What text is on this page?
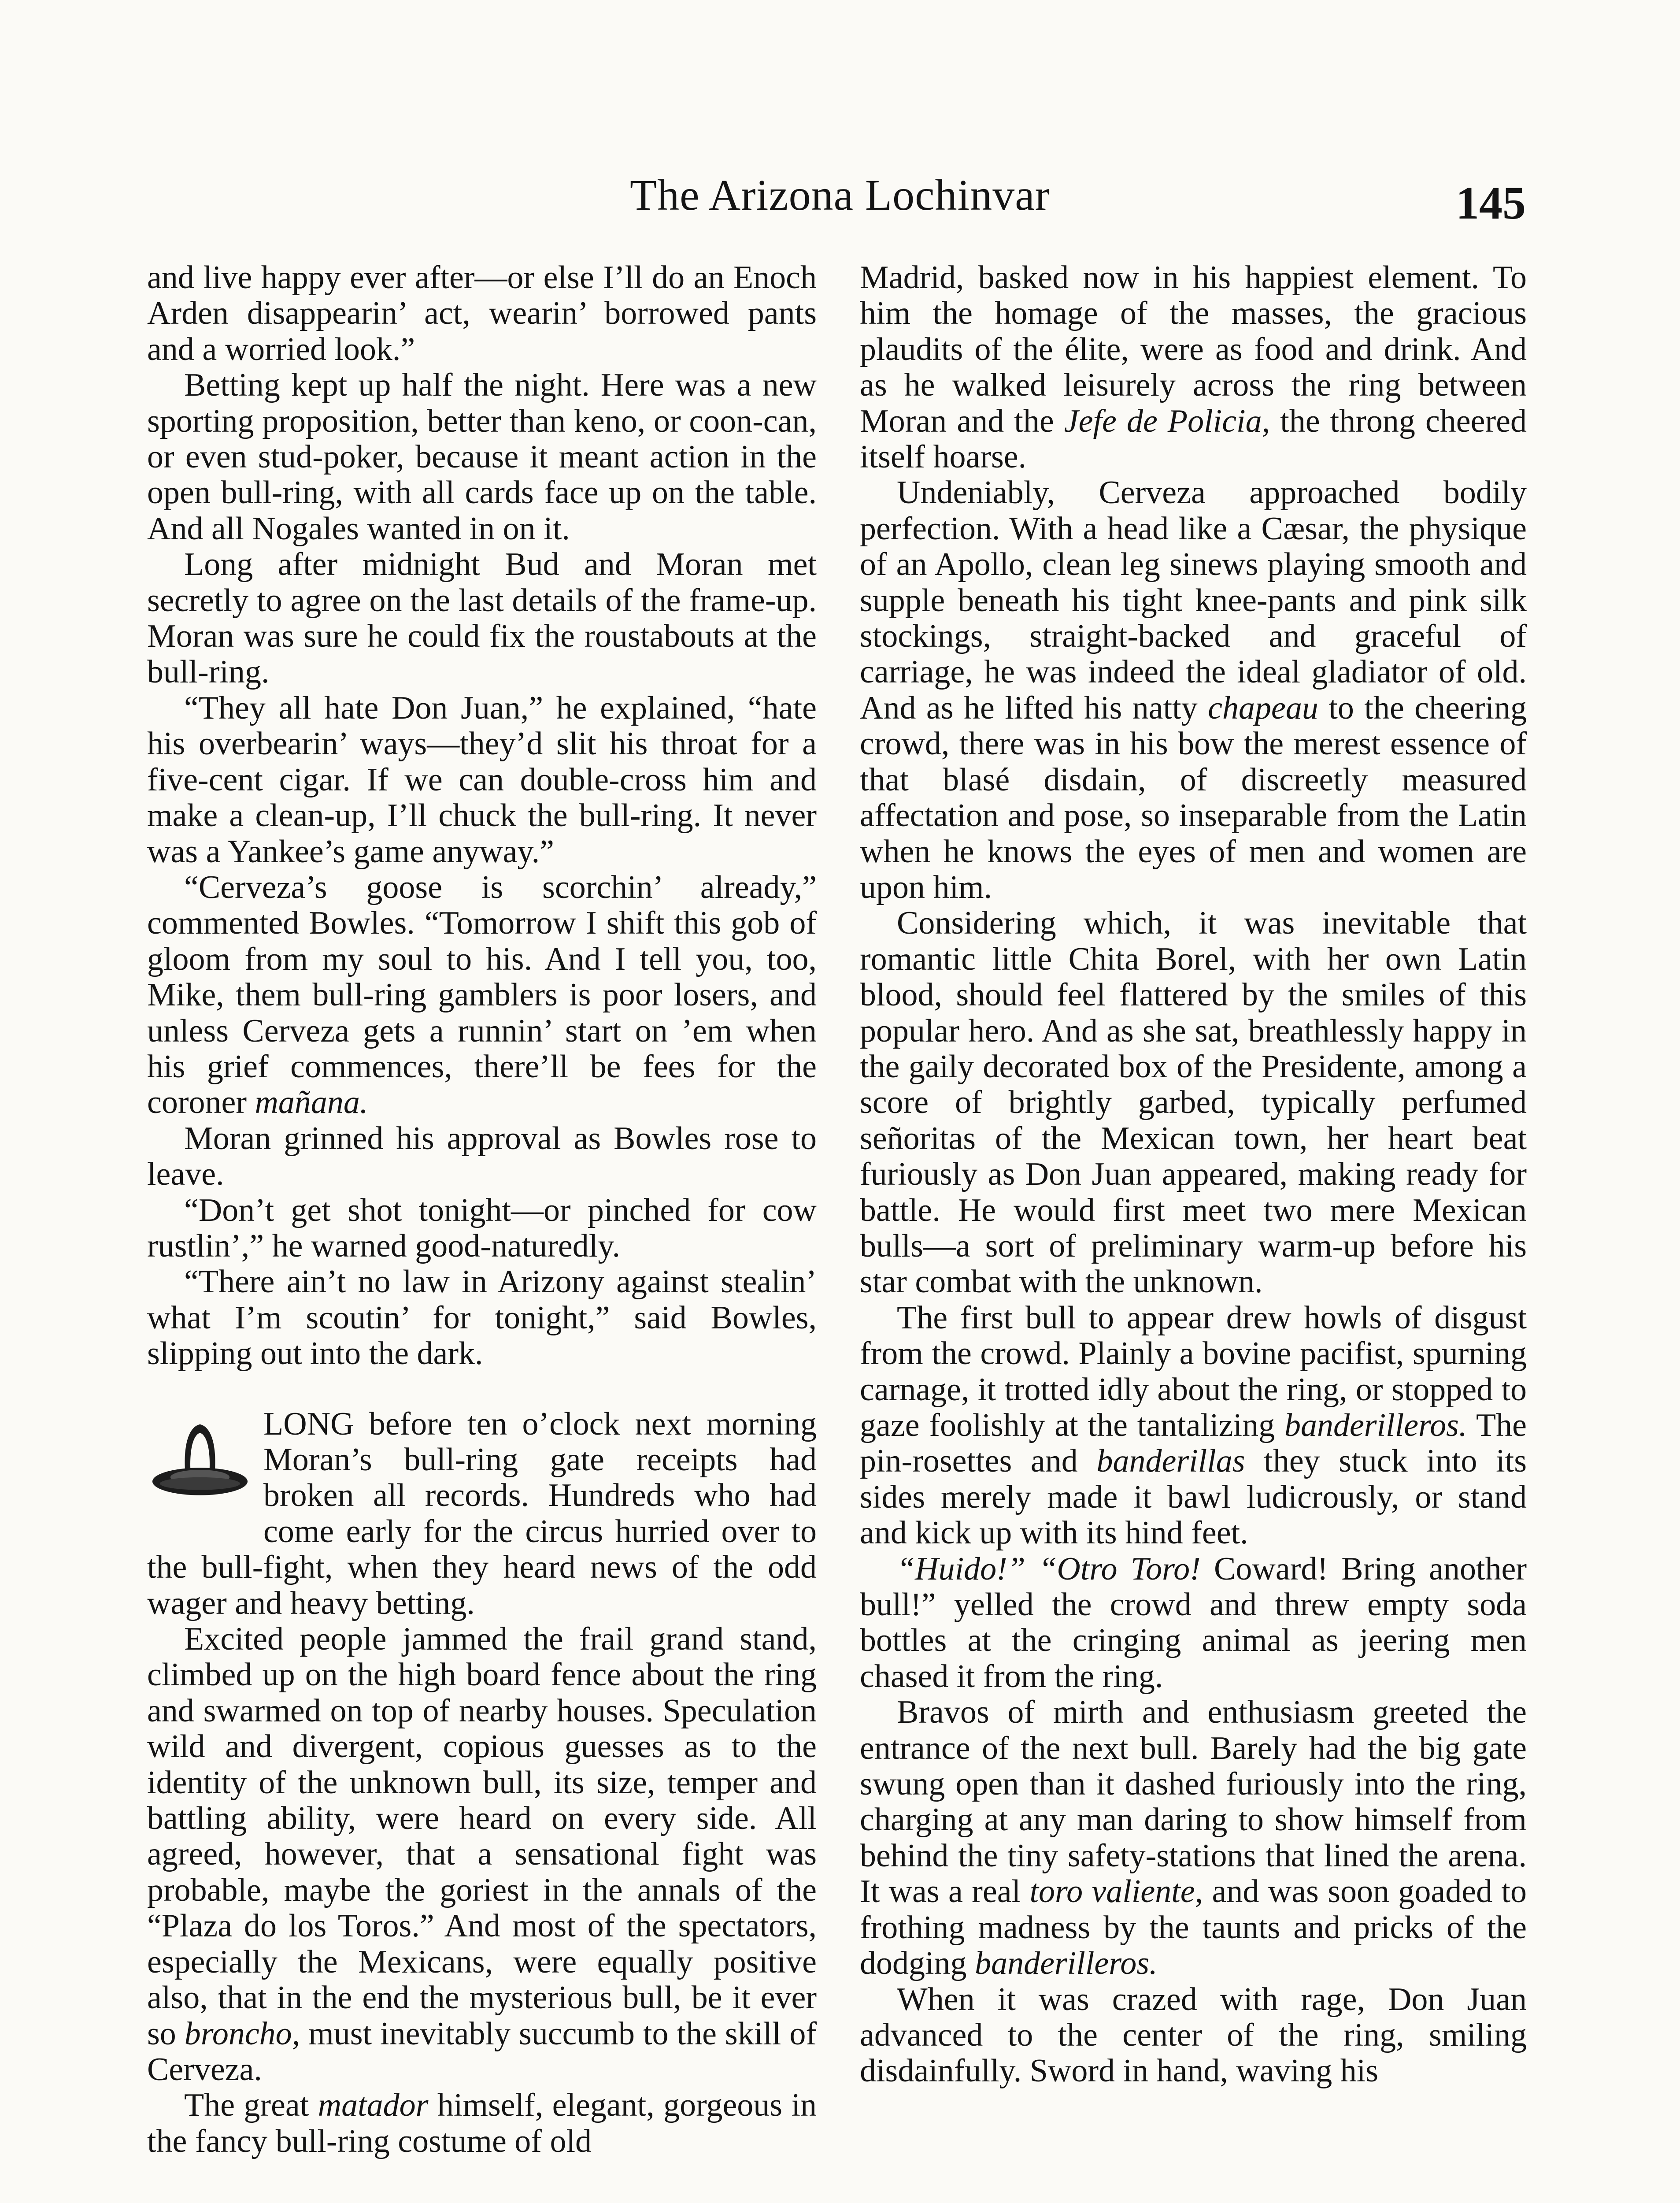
The Arizona Lochinvar	145

and live happy ever after—or else I’ll do an Enoch Arden disappearin’ act, wearin’ borrowed pants and a worried look.”

Betting kept up half the night. Here was a new sporting proposition, better than keno, or coon-can, or even stud-poker, because it meant action in the open bull-ring, with all cards face up on the table. And all Nogales wanted in on it.

Long after midnight Bud and Moran met secretly to agree on the last details of the frame-up. Moran was sure he could fix the roustabouts at the bull-ring.

“They all hate Don Juan,” he explained, “hate his overbearin’ ways—they’d slit his throat for a five-cent cigar. If we can double-cross him and make a clean-up, I’ll chuck the bull-ring. It never was a Yankee’s game anyway.”

“Cerveza’s goose is scorchin’ already,” commented Bowles. “Tomorrow I shift this gob of gloom from my soul to his. And I tell you, too, Mike, them bull-ring gamblers is poor losers, and unless Cerveza gets a runnin’ start on ’em when his grief commences, there’ll be fees for the coroner mañana.

Moran grinned his approval as Bowles rose to leave.

“Don’t get shot tonight—or pinched for cow rustlin’,” he warned good-naturedly.

“There ain’t no law in Arizony against stealin’ what I’m scoutin’ for tonight,” said Bowles, slipping out into the dark.

LONG before ten o’clock next morning Moran’s bull-ring gate receipts had broken all records. Hundreds who had come early for the circus hurried over to the bull-fight, when they heard news of the odd wager and heavy betting.

Excited people jammed the frail grand stand, climbed up on the high board fence about the ring and swarmed on top of nearby houses. Speculation wild and divergent, copious guesses as to the identity of the unknown bull, its size, temper and battling ability, were heard on every side. All agreed, however, that a sensational fight was probable, maybe the goriest in the annals of the “Plaza do los Toros.” And most of the spectators, especially the Mexicans, were equally positive also, that in the end the mysterious bull, be it ever so broncho, must inevitably succumb to the skill of Cerveza.

The great matador himself, elegant, gorgeous in the fancy bull-ring costume of old

Madrid, basked now in his happiest element. To him the homage of the masses, the gracious plaudits of the élite, were as food and drink. And as he walked leisurely across the ring between Moran and the Jefe de Policia, the throng cheered itself hoarse.

Undeniably, Cerveza approached bodily perfection. With a head like a Cæsar, the physique of an Apollo, clean leg sinews playing smooth and supple beneath his tight knee-pants and pink silk stockings, straight-backed and graceful of carriage, he was indeed the ideal gladiator of old. And as he lifted his natty chapeau to the cheering crowd, there was in his bow the merest essence of that blasé disdain, of discreetly measured affectation and pose, so inseparable from the Latin when he knows the eyes of men and women are upon him.

Considering which, it was inevitable that romantic little Chita Borel, with her own Latin blood, should feel flattered by the smiles of this popular hero. And as she sat, breathlessly happy in the gaily decorated box of the Presidente, among a score of brightly garbed, typically perfumed señoritas of the Mexican town, her heart beat furiously as Don Juan appeared, making ready for battle. He would first meet two mere Mexican bulls—a sort of preliminary warm-up before his star combat with the unknown.

The first bull to appear drew howls of disgust from the crowd. Plainly a bovine pacifist, spurning carnage, it trotted idly about the ring, or stopped to gaze foolishly at the tantalizing banderilleros. The pin-rosettes and banderillas they stuck into its sides merely made it bawl ludicrously, or stand and kick up with its hind feet.

“Huido!” “Otro Toro! Coward! Bring another bull!” yelled the crowd and threw empty soda bottles at the cringing animal as jeering men chased it from the ring.

Bravos of mirth and enthusiasm greeted the entrance of the next bull. Barely had the big gate swung open than it dashed furiously into the ring, charging at any man daring to show himself from behind the tiny safety-stations that lined the arena. It was a real toro valiente, and was soon goaded to frothing madness by the taunts and pricks of the dodging banderilleros.

When it was crazed with rage, Don Juan advanced to the center of the ring, smiling disdainfully. Sword in hand, waving his
